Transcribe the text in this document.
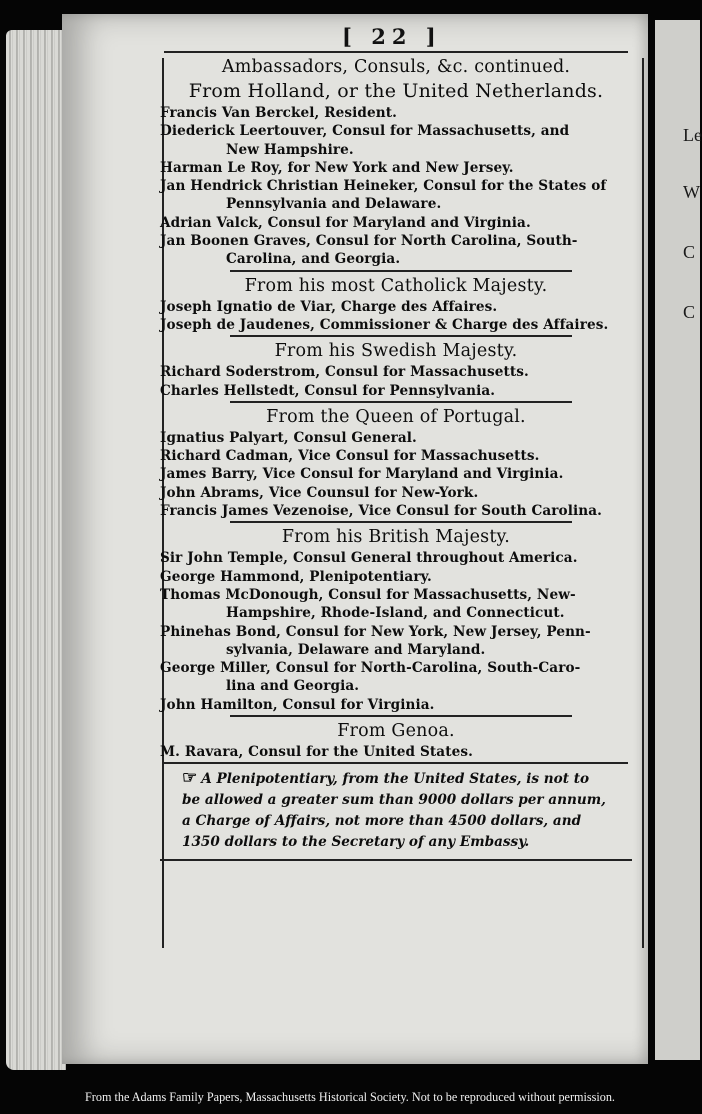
Le
W
C
C
[ 22 ]
Ambassadors, Consuls, &c. continued.
From Holland, or the United Netherlands.
Francis Van Berckel, Resident.
Diederick Leertouver, Consul for Massachusetts, and
New Hampshire.
Harman Le Roy, for New York and New Jersey.
Jan Hendrick Christian Heineker, Consul for the States of
Pennsylvania and Delaware.
Adrian Valck, Consul for Maryland and Virginia.
Jan Boonen Graves, Consul for North Carolina, South-
Carolina, and Georgia.
From his most Catholick Majesty.
Joseph Ignatio de Viar, Charge des Affaires.
Joseph de Jaudenes, Commissioner & Charge des Affaires.
From his Swedish Majesty.
Richard Soderstrom, Consul for Massachusetts.
Charles Hellstedt, Consul for Pennsylvania.
From the Queen of Portugal.
Ignatius Palyart, Consul General.
Richard Cadman, Vice Consul for Massachusetts.
James Barry, Vice Consul for Maryland and Virginia.
John Abrams, Vice Counsul for New-York.
Francis James Vezenoise, Vice Consul for South Carolina.
From his British Majesty.
Sir John Temple, Consul General throughout America.
George Hammond, Plenipotentiary.
Thomas McDonough, Consul for Massachusetts, New-
Hampshire, Rhode-Island, and Connecticut.
Phinehas Bond, Consul for New York, New Jersey, Penn-
sylvania, Delaware and Maryland.
George Miller, Consul for North-Carolina, South-Caro-
lina and Georgia.
John Hamilton, Consul for Virginia.
From Genoa.
M. Ravara, Consul for the United States.
☞ A Plenipotentiary, from the United States, is not to
be allowed a greater sum than 9000 dollars per annum,
a Charge of Affairs, not more than 4500 dollars, and
1350 dollars to the Secretary of any Embassy.
From the Adams Family Papers, Massachusetts Historical Society. Not to be reproduced without permission.
